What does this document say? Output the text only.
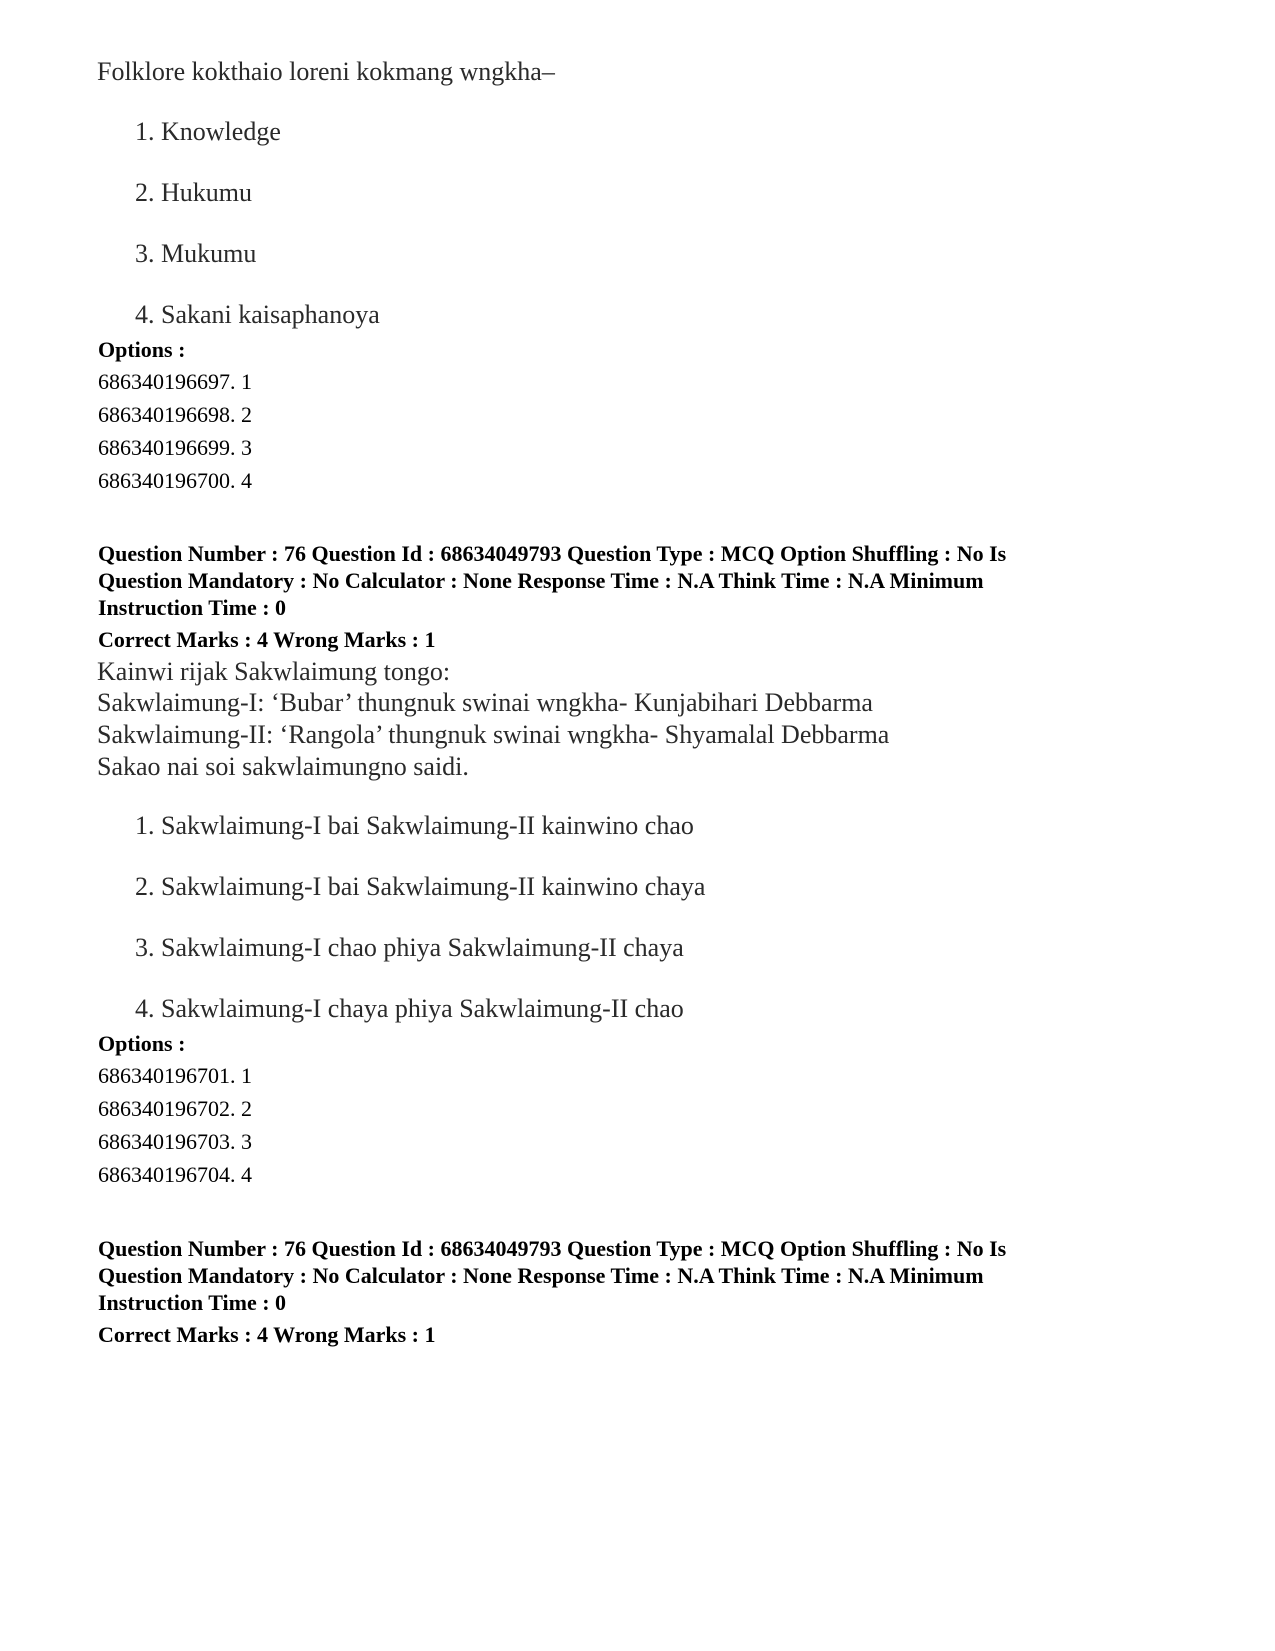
Folklore kokthaio loreni kokmang wngkha–
1. Knowledge
2. Hukumu
3. Mukumu
4. Sakani kaisaphanoya
Options :
686340196697. 1
686340196698. 2
686340196699. 3
686340196700. 4
Question Number : 76 Question Id : 68634049793 Question Type : MCQ Option Shuffling : No Is
Question Mandatory : No Calculator : None Response Time : N.A Think Time : N.A Minimum
Instruction Time : 0
Correct Marks : 4 Wrong Marks : 1
Kainwi rijak Sakwlaimung tongo:
Sakwlaimung-I: ‘Bubar’ thungnuk swinai wngkha- Kunjabihari Debbarma
Sakwlaimung-II: ‘Rangola’ thungnuk swinai wngkha- Shyamalal Debbarma
Sakao nai soi sakwlaimungno saidi.
1. Sakwlaimung-I bai Sakwlaimung-II kainwino chao
2. Sakwlaimung-I bai Sakwlaimung-II kainwino chaya
3. Sakwlaimung-I chao phiya Sakwlaimung-II chaya
4. Sakwlaimung-I chaya phiya Sakwlaimung-II chao
Options :
686340196701. 1
686340196702. 2
686340196703. 3
686340196704. 4
Question Number : 76 Question Id : 68634049793 Question Type : MCQ Option Shuffling : No Is
Question Mandatory : No Calculator : None Response Time : N.A Think Time : N.A Minimum
Instruction Time : 0
Correct Marks : 4 Wrong Marks : 1
